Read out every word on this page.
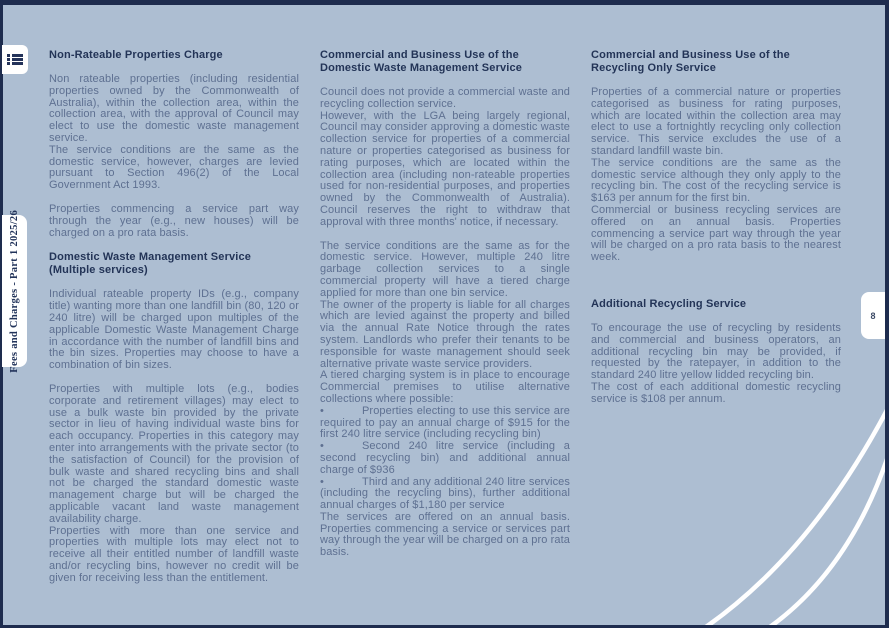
Fees and Charges - Part 1 2025/26	8

Non-Rateable Properties Charge

Non rateable properties (including residential properties owned by the Commonwealth of Australia), within the collection area, within the collection area, with the approval of Council may elect to use the domestic waste management service.

The service conditions are the same as the domestic service, however, charges are levied pursuant to Section 496(2) of the Local Government Act 1993.

Properties commencing a service part way through the year (e.g., new houses) will be charged on a pro rata basis.

Domestic Waste Management Service (Multiple services)

Individual rateable property IDs (e.g., company title) wanting more than one landfill bin (80, 120 or 240 litre) will be charged upon multiples of the applicable Domestic Waste Management Charge in accordance with the number of landfill bins and the bin sizes. Properties may choose to have a combination of bin sizes.

Properties with multiple lots (e.g., bodies corporate and retirement villages) may elect to use a bulk waste bin provided by the private sector in lieu of having individual waste bins for each occupancy. Properties in this category may enter into arrangements with the private sector (to the satisfaction of Council) for the provision of bulk waste and shared recycling bins and shall not be charged the standard domestic waste management charge but will be charged the applicable vacant land waste management availability charge.

Properties with more than one service and properties with multiple lots may elect not to receive all their entitled number of landfill waste and/or recycling bins, however no credit will be given for receiving less than the entitlement.

Commercial and Business Use of the Domestic Waste Management Service

Council does not provide a commercial waste and recycling collection service.

However, with the LGA being largely regional, Council may consider approving a domestic waste collection service for properties of a commercial nature or properties categorised as business for rating purposes, which are located within the collection area (including non-rateable properties used for non-residential purposes, and properties owned by the Commonwealth of Australia). Council reserves the right to withdraw that approval with three months' notice, if necessary.

The service conditions are the same as for the domestic service. However, multiple 240 litre garbage collection services to a single commercial property will have a tiered charge applied for more than one bin service.

The owner of the property is liable for all charges which are levied against the property and billed via the annual Rate Notice through the rates system. Landlords who prefer their tenants to be responsible for waste management should seek alternative private waste service providers.

A tiered charging system is in place to encourage Commercial premises to utilise alternative collections where possible:

•	Properties electing to use this service are required to pay an annual charge of $915 for the first 240 litre service (including recycling bin)

•	Second 240 litre service (including a second recycling bin) and additional annual charge of $936

•	Third and any additional 240 litre services (including the recycling bins), further additional annual charges of $1,180 per service

The services are offered on an annual basis. Properties commencing a service or services part way through the year will be charged on a pro rata basis.

Commercial and Business Use of the Recycling Only Service

Properties of a commercial nature or properties categorised as business for rating purposes, which are located within the collection area may elect to use a fortnightly recycling only collection service. This service excludes the use of a standard landfill waste bin.

The service conditions are the same as the domestic service although they only apply to the recycling bin. The cost of the recycling service is $163 per annum for the first bin.

Commercial or business recycling services are offered on an annual basis. Properties commencing a service part way through the year will be charged on a pro rata basis to the nearest week.

Additional Recycling Service

To encourage the use of recycling by residents and commercial and business operators, an additional recycling bin may be provided, if requested by the ratepayer, in addition to the standard 240 litre yellow lidded recycling bin.

The cost of each additional domestic recycling service is $108 per annum.
